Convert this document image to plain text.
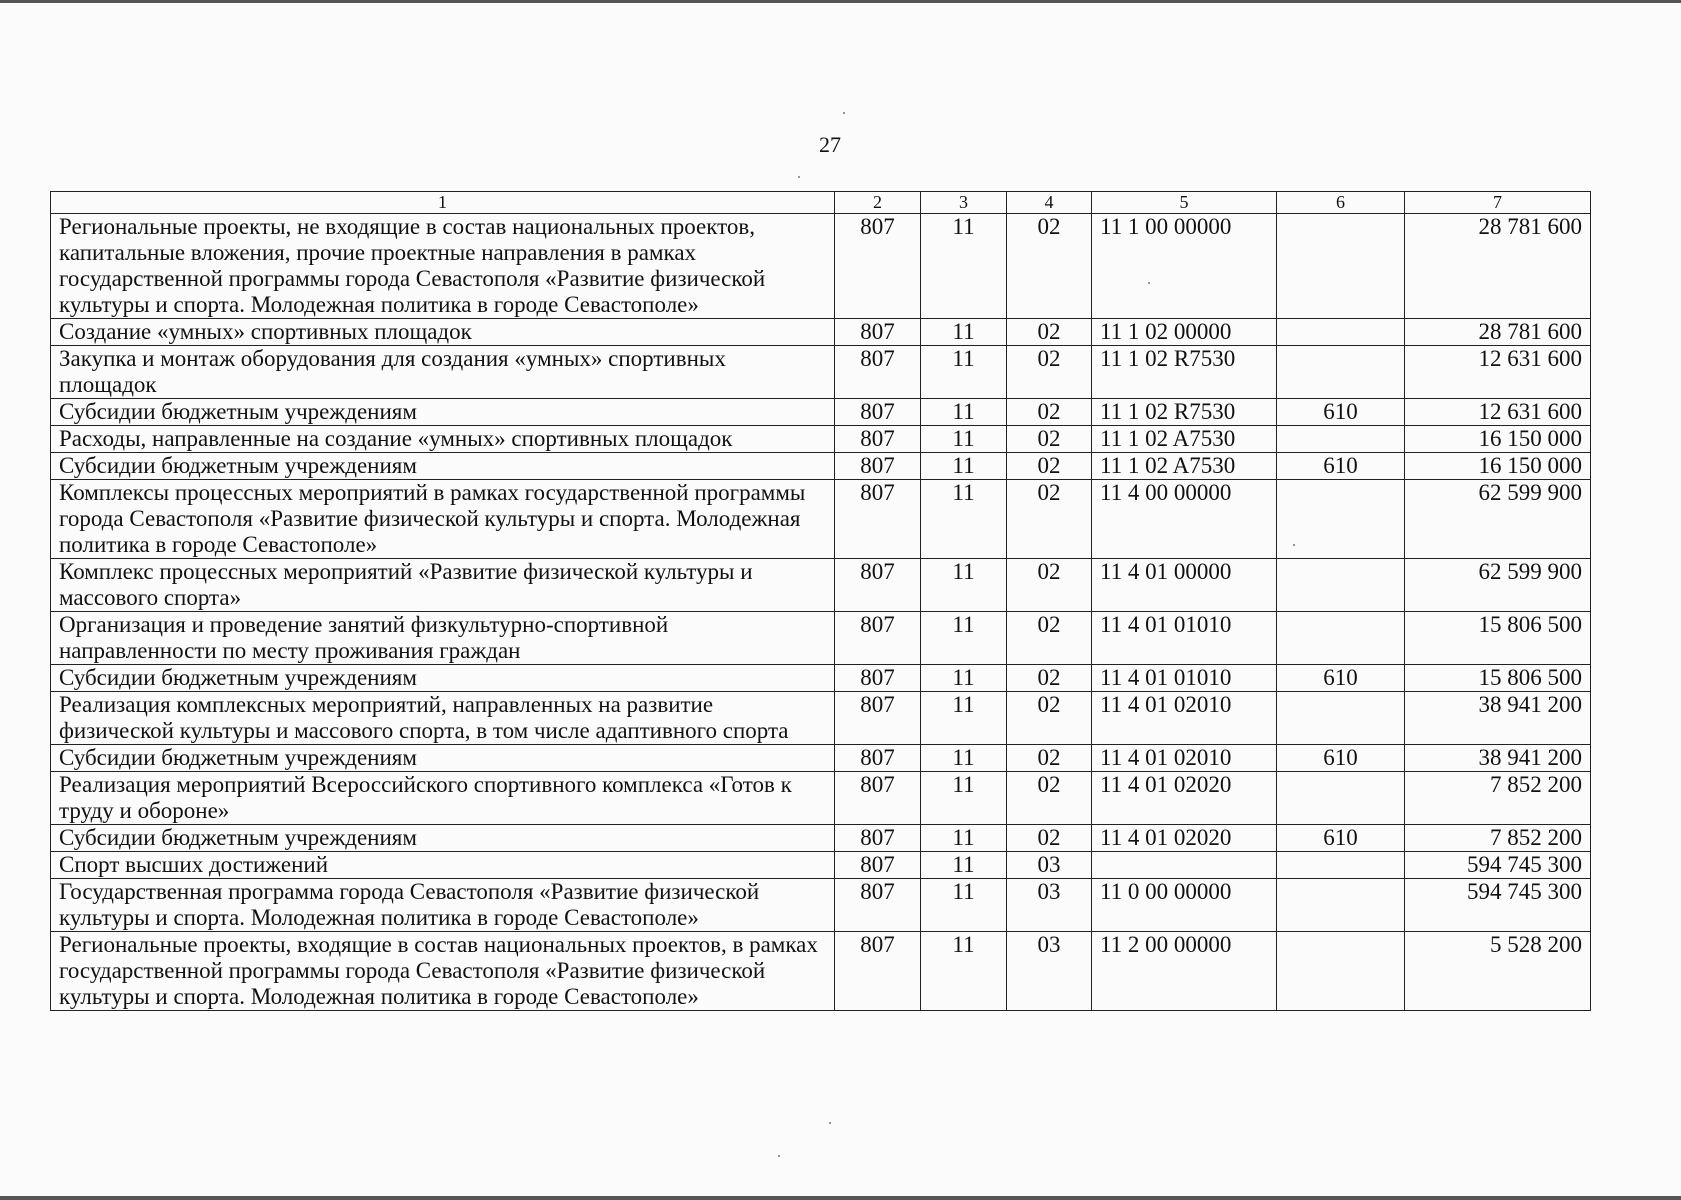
27
1	2	3	4	5	6	7
Региональные проекты, не входящие в состав национальных проектов, капитальные вложения, прочие проектные направления в рамках государственной программы города Севастополя «Развитие физической культуры и спорта. Молодежная политика в городе Севастополе»	807	11	02	11 1 00 00000		28 781 600
Создание «умных» спортивных площадок	807	11	02	11 1 02 00000		28 781 600
Закупка и монтаж оборудования для создания «умных» спортивных площадок	807	11	02	11 1 02 R7530		12 631 600
Субсидии бюджетным учреждениям	807	11	02	11 1 02 R7530	610	12 631 600
Расходы, направленные на создание «умных» спортивных площадок	807	11	02	11 1 02 A7530		16 150 000
Субсидии бюджетным учреждениям	807	11	02	11 1 02 A7530	610	16 150 000
Комплексы процессных мероприятий в рамках государственной программы города Севастополя «Развитие физической культуры и спорта. Молодежная политика в городе Севастополе»	807	11	02	11 4 00 00000		62 599 900
Комплекс процессных мероприятий «Развитие физической культуры и массового спорта»	807	11	02	11 4 01 00000		62 599 900
Организация и проведение занятий физкультурно-спортивной направленности по месту проживания граждан	807	11	02	11 4 01 01010		15 806 500
Субсидии бюджетным учреждениям	807	11	02	11 4 01 01010	610	15 806 500
Реализация комплексных мероприятий, направленных на развитие физической культуры и массового спорта, в том числе адаптивного спорта	807	11	02	11 4 01 02010		38 941 200
Субсидии бюджетным учреждениям	807	11	02	11 4 01 02010	610	38 941 200
Реализация мероприятий Всероссийского спортивного комплекса «Готов к труду и обороне»	807	11	02	11 4 01 02020		7 852 200
Субсидии бюджетным учреждениям	807	11	02	11 4 01 02020	610	7 852 200
Спорт высших достижений	807	11	03			594 745 300
Государственная программа города Севастополя «Развитие физической культуры и спорта. Молодежная политика в городе Севастополе»	807	11	03	11 0 00 00000		594 745 300
Региональные проекты, входящие в состав национальных проектов, в рамках государственной программы города Севастополя «Развитие физической культуры и спорта. Молодежная политика в городе Севастополе»	807	11	03	11 2 00 00000		5 528 200
